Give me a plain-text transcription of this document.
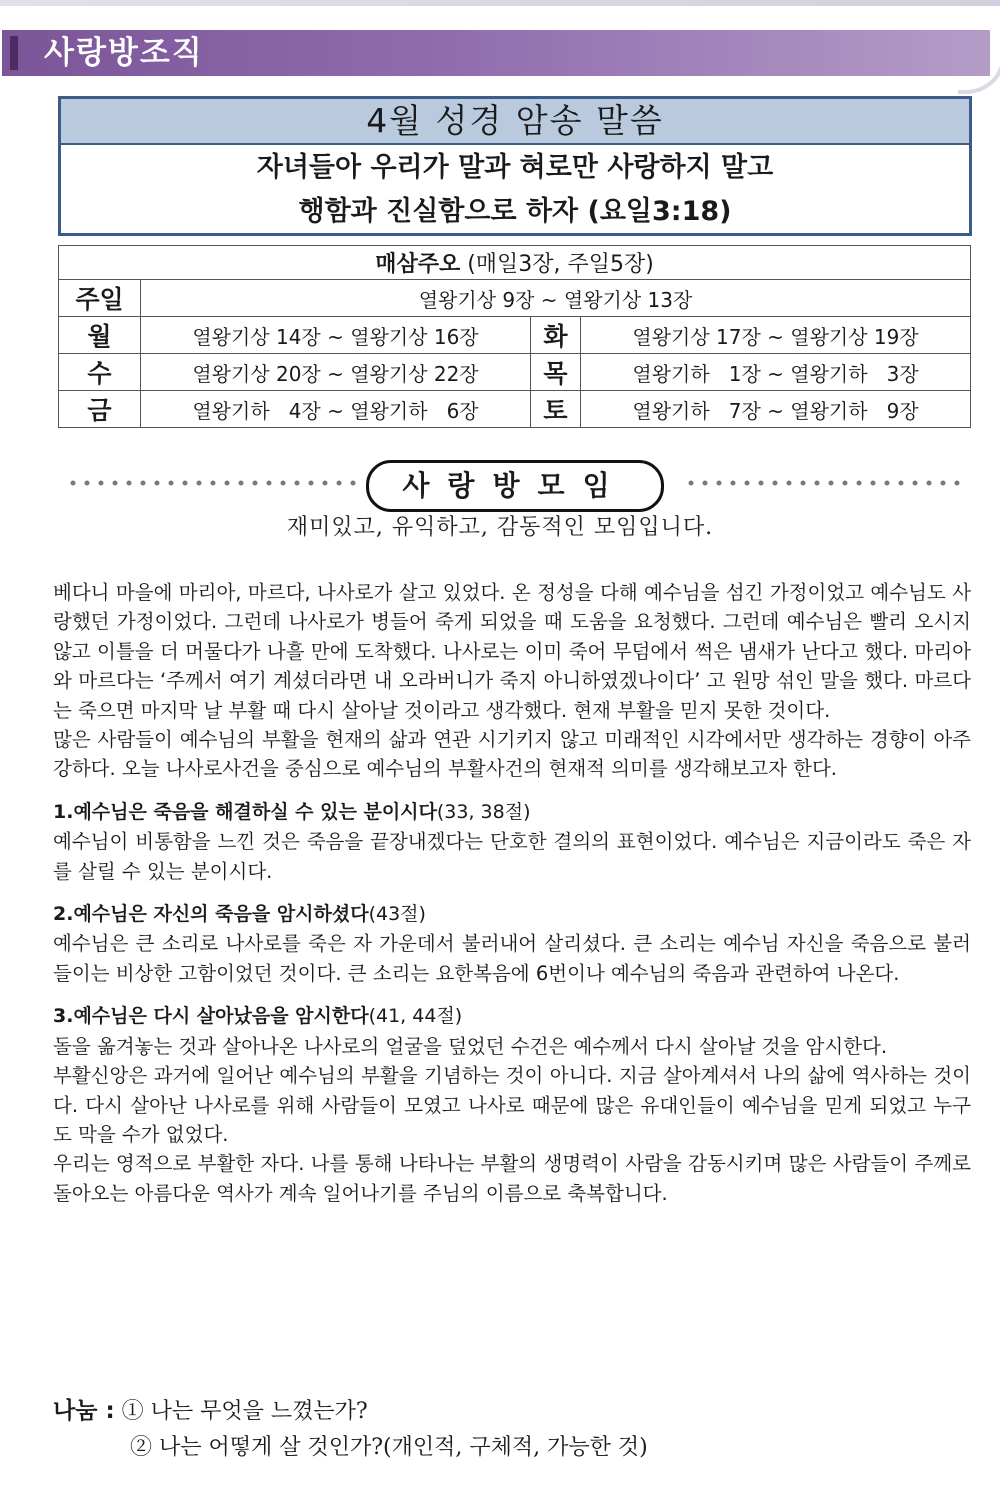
사랑방조직
4월 성경 암송 말씀
자녀들아 우리가 말과 혀로만 사랑하지 말고
행함과 진실함으로 하자 (요일3:18)
매삼주오 (매일3장, 주일5장)			
주일	열왕기상 9장 ~ 열왕기상 13장		
월	열왕기상 14장 ~ 열왕기상 16장	화	열왕기상 17장 ~ 열왕기상 19장
수	열왕기상 20장 ~ 열왕기상 22장	목	열왕기하   1장 ~ 열왕기하   3장
금	열왕기하   4장 ~ 열왕기하   6장	토	열왕기하   7장 ~ 열왕기하   9장
사랑방모임
재미있고, 유익하고, 감동적인 모임입니다.

베다니 마을에 마리아, 마르다, 나사로가 살고 있었다. 온 정성을 다해 예수님을 섬긴 가정이었고 예수님도 사랑했던 가정이었다. 그런데 나사로가 병들어 죽게 되었을 때 도움을 요청했다. 그런데 예수님은 빨리 오시지 않고 이틀을 더 머물다가 나흘 만에 도착했다. 나사로는 이미 죽어 무덤에서 썩은 냄새가 난다고 했다. 마리아와 마르다는 ‘주께서 여기 계셨더라면 내 오라버니가 죽지 아니하였겠나이다’ 고 원망 섞인 말을 했다. 마르다는 죽으면 마지막 날 부활 때 다시 살아날 것이라고 생각했다. 현재 부활을 믿지 못한 것이다.

많은 사람들이 예수님의 부활을 현재의 삶과 연관 시기키지 않고 미래적인 시각에서만 생각하는 경향이 아주 강하다. 오늘 나사로사건을 중심으로 예수님의 부활사건의 현재적 의미를 생각해보고자 한다.

1.예수님은 죽음을 해결하실 수 있는 분이시다(33, 38절)

예수님이 비통함을 느낀 것은 죽음을 끝장내겠다는 단호한 결의의 표현이었다. 예수님은 지금이라도 죽은 자를 살릴 수 있는 분이시다.

2.예수님은 자신의 죽음을 암시하셨다(43절)

예수님은 큰 소리로 나사로를 죽은 자 가운데서 불러내어 살리셨다. 큰 소리는 예수님 자신을 죽음으로 불러들이는 비상한 고함이었던 것이다. 큰 소리는 요한복음에 6번이나 예수님의 죽음과 관련하여 나온다.

3.예수님은 다시 살아났음을 암시한다(41, 44절)

돌을 옮겨놓는 것과 살아나온 나사로의 얼굴을 덮었던 수건은 예수께서 다시 살아날 것을 암시한다.

부활신앙은 과거에 일어난 예수님의 부활을 기념하는 것이 아니다. 지금 살아계셔서 나의 삶에 역사하는 것이다. 다시 살아난 나사로를 위해 사람들이 모였고 나사로 때문에 많은 유대인들이 예수님을 믿게 되었고 누구도 막을 수가 없었다.

우리는 영적으로 부활한 자다. 나를 통해 나타나는 부활의 생명력이 사람을 감동시키며 많은 사람들이 주께로 돌아오는 아름다운 역사가 계속 일어나기를 주님의 이름으로 축복합니다.

나눔 : ① 나는 무엇을 느꼈는가?
② 나는 어떻게 살 것인가?(개인적, 구체적, 가능한 것)
